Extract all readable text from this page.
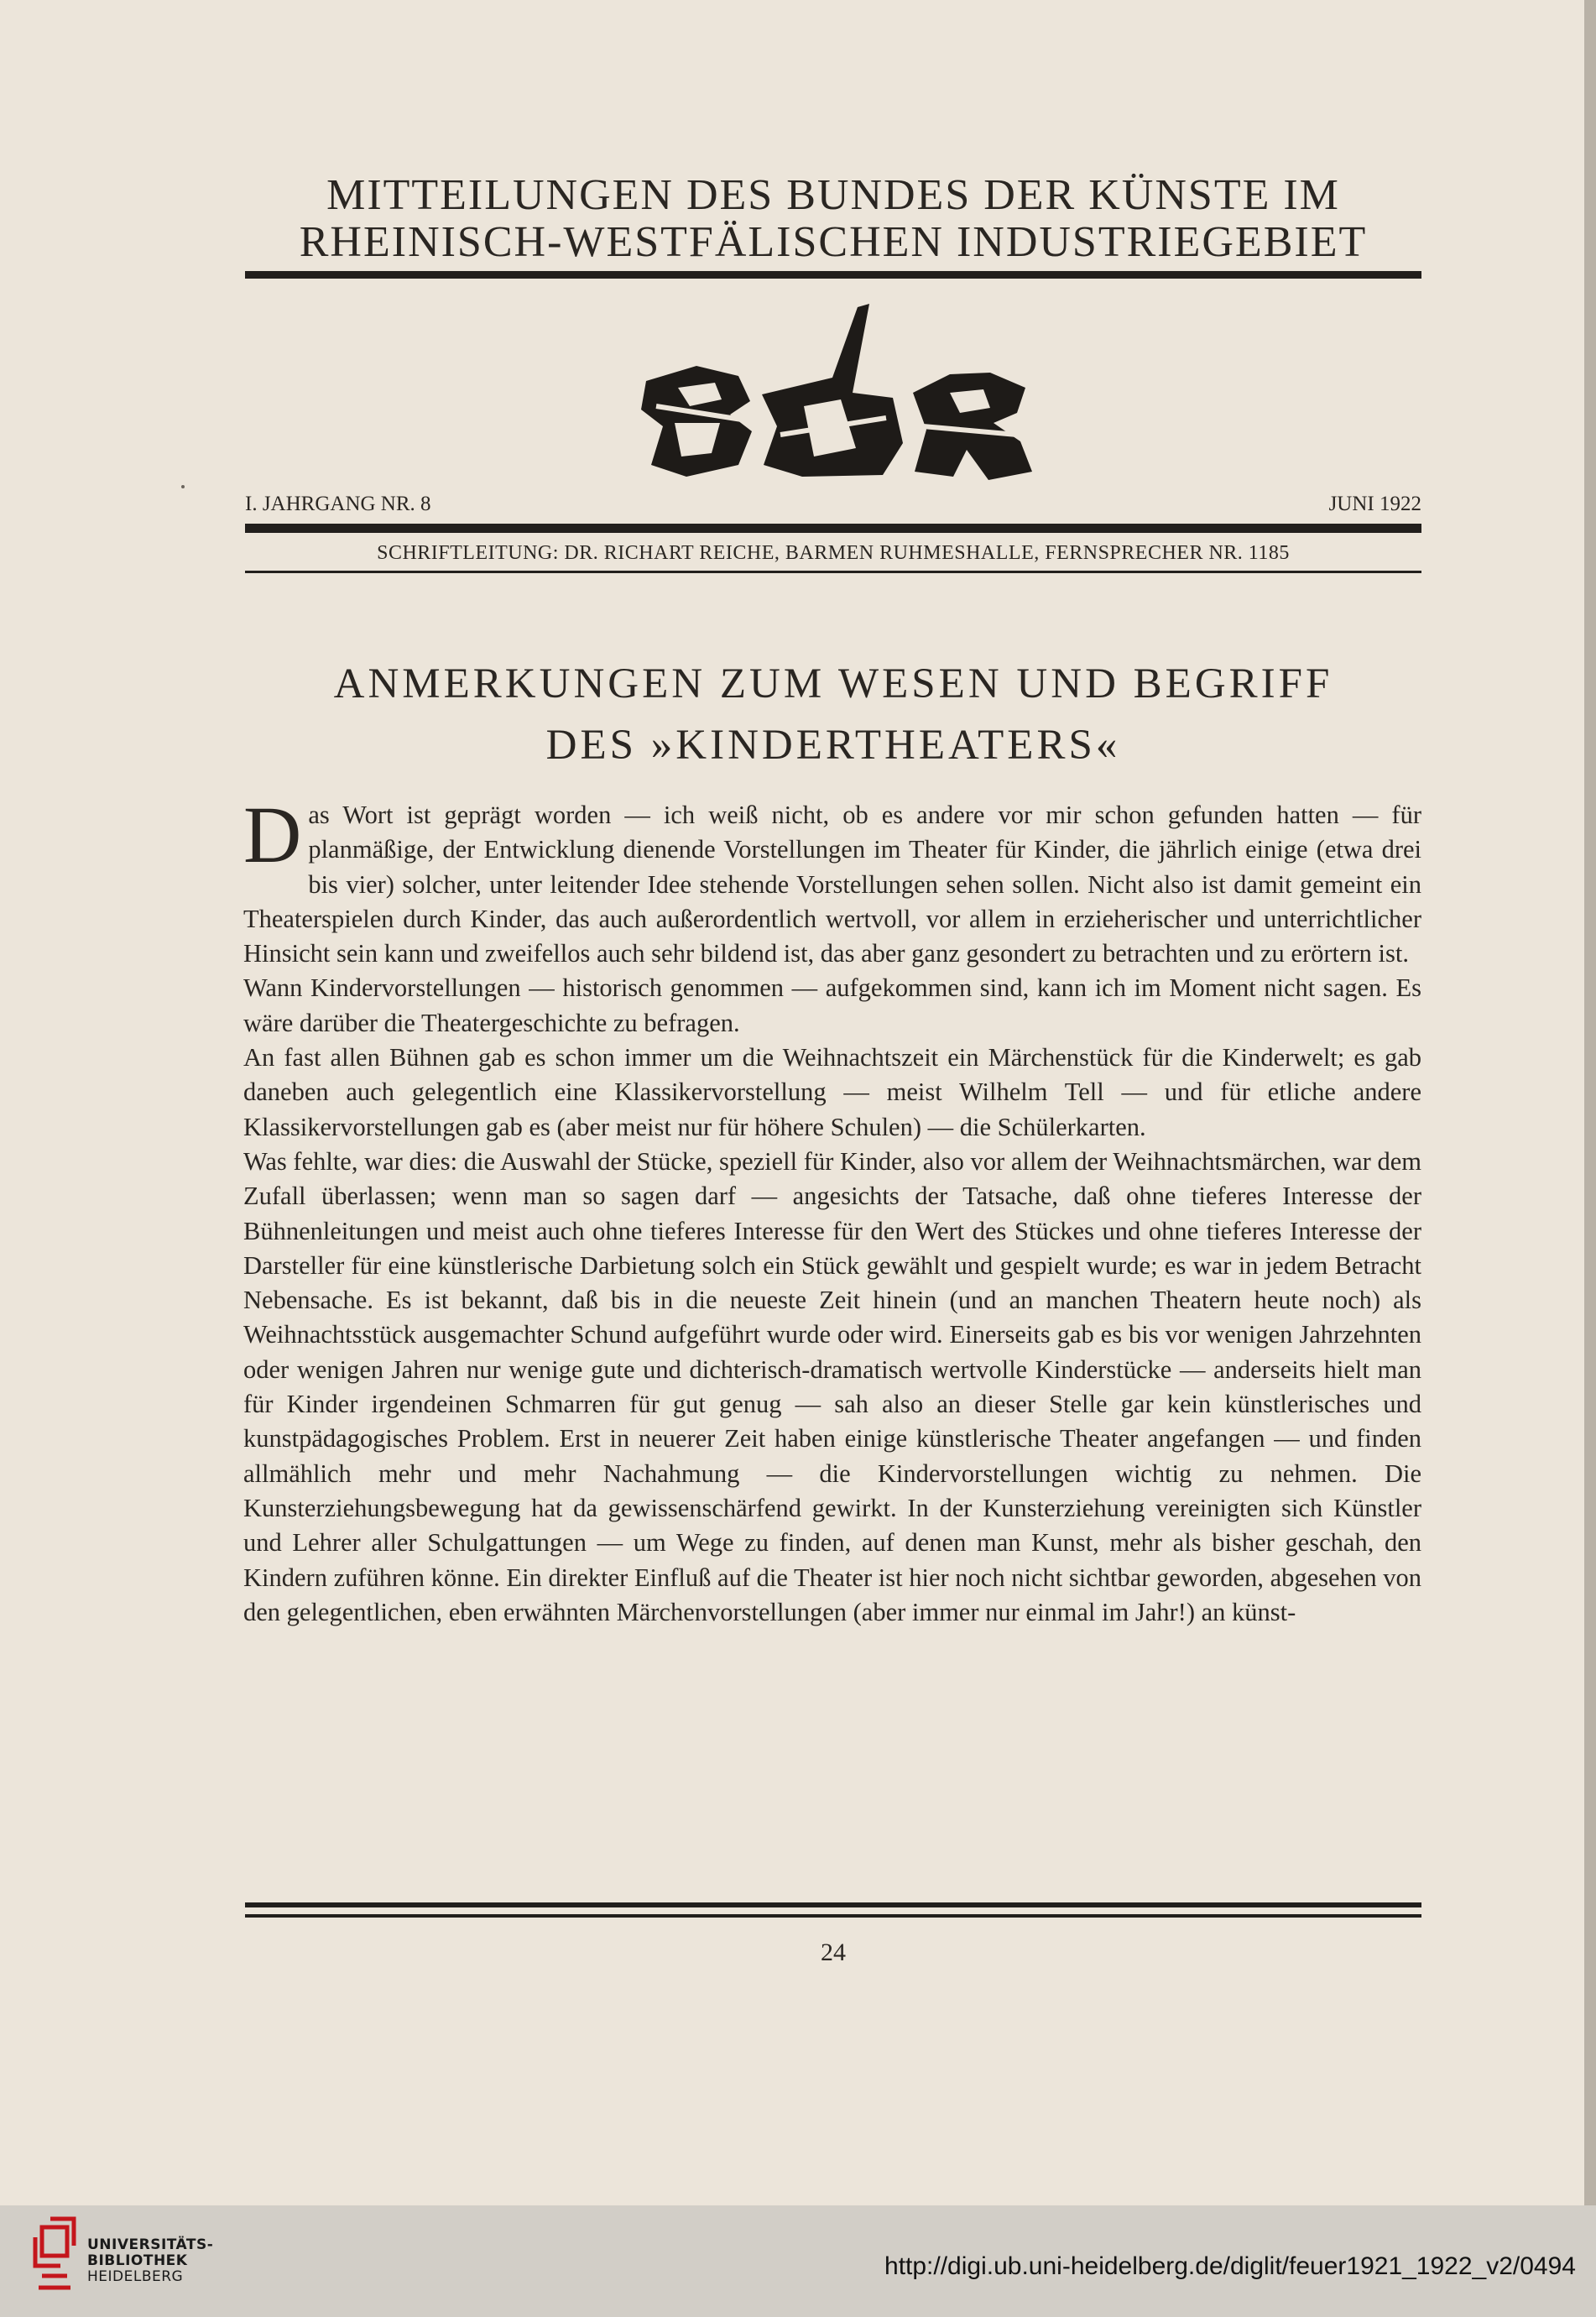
MITTEILUNGEN DES BUNDES DER KÜNSTE IM
RHEINISCH-WESTFÄLISCHEN INDUSTRIEGEBIET
I. JAHRGANG NR. 8	JUNI 1922
SCHRIFTLEITUNG: DR. RICHART REICHE, BARMEN RUHMESHALLE, FERNSPRECHER NR. 1185
ANMERKUNGEN ZUM WESEN UND BEGRIFF
DES »KINDERTHEATERS«

Das Wort ist geprägt worden — ich weiß nicht, ob es andere vor mir schon gefunden hatten — für planmäßige, der Entwicklung dienende Vorstellungen im Theater für Kinder, die jährlich einige (etwa drei bis vier) solcher, unter leitender Idee stehende Vorstellungen sehen sollen. Nicht also ist damit gemeint ein Theaterspielen durch Kinder, das auch außerordentlich wertvoll, vor allem in erzieherischer und unterrichtlicher Hinsicht sein kann und zweifellos auch sehr bildend ist, das aber ganz gesondert zu betrachten und zu erörtern ist.

Wann Kindervorstellungen — historisch genommen — aufgekommen sind, kann ich im Moment nicht sagen. Es wäre darüber die Theatergeschichte zu befragen.

An fast allen Bühnen gab es schon immer um die Weihnachtszeit ein Märchenstück für die Kinderwelt; es gab daneben auch gelegentlich eine Klassikervorstellung — meist Wilhelm Tell — und für etliche andere Klassikervorstellungen gab es (aber meist nur für höhere Schulen) — die Schülerkarten.

Was fehlte, war dies: die Auswahl der Stücke, speziell für Kinder, also vor allem der Weihnachtsmärchen, war dem Zufall überlassen; wenn man so sagen darf — angesichts der Tatsache, daß ohne tieferes Interesse der Bühnenleitungen und meist auch ohne tieferes Interesse für den Wert des Stückes und ohne tieferes Interesse der Darsteller für eine künstlerische Darbietung solch ein Stück gewählt und gespielt wurde; es war in jedem Betracht Nebensache. Es ist bekannt, daß bis in die neueste Zeit hinein (und an manchen Theatern heute noch) als Weihnachtsstück ausgemachter Schund aufgeführt wurde oder wird. Einerseits gab es bis vor wenigen Jahrzehnten oder wenigen Jahren nur wenige gute und dichterisch-dramatisch wertvolle Kinderstücke — anderseits hielt man für Kinder irgendeinen Schmarren für gut genug — sah also an dieser Stelle gar kein künstlerisches und kunstpädagogisches Problem. Erst in neuerer Zeit haben einige künstlerische Theater angefangen — und finden allmählich mehr und mehr Nachahmung — die Kindervorstellungen wichtig zu nehmen. Die Kunsterziehungsbewegung hat da gewissenschärfend gewirkt. In der Kunsterziehung vereinigten sich Künstler und Lehrer aller Schulgattungen — um Wege zu finden, auf denen man Kunst, mehr als bisher geschah, den Kindern zuführen könne. Ein direkter Einfluß auf die Theater ist hier noch nicht sichtbar geworden, abgesehen von den gelegentlichen, eben erwähnten Märchenvorstellungen (aber immer nur einmal im Jahr!) an künst-

24
UNIVERSITÄTS-
BIBLIOTHEK
HEIDELBERG	http://digi.ub.uni-heidelberg.de/diglit/feuer1921_1922_v2/0494
